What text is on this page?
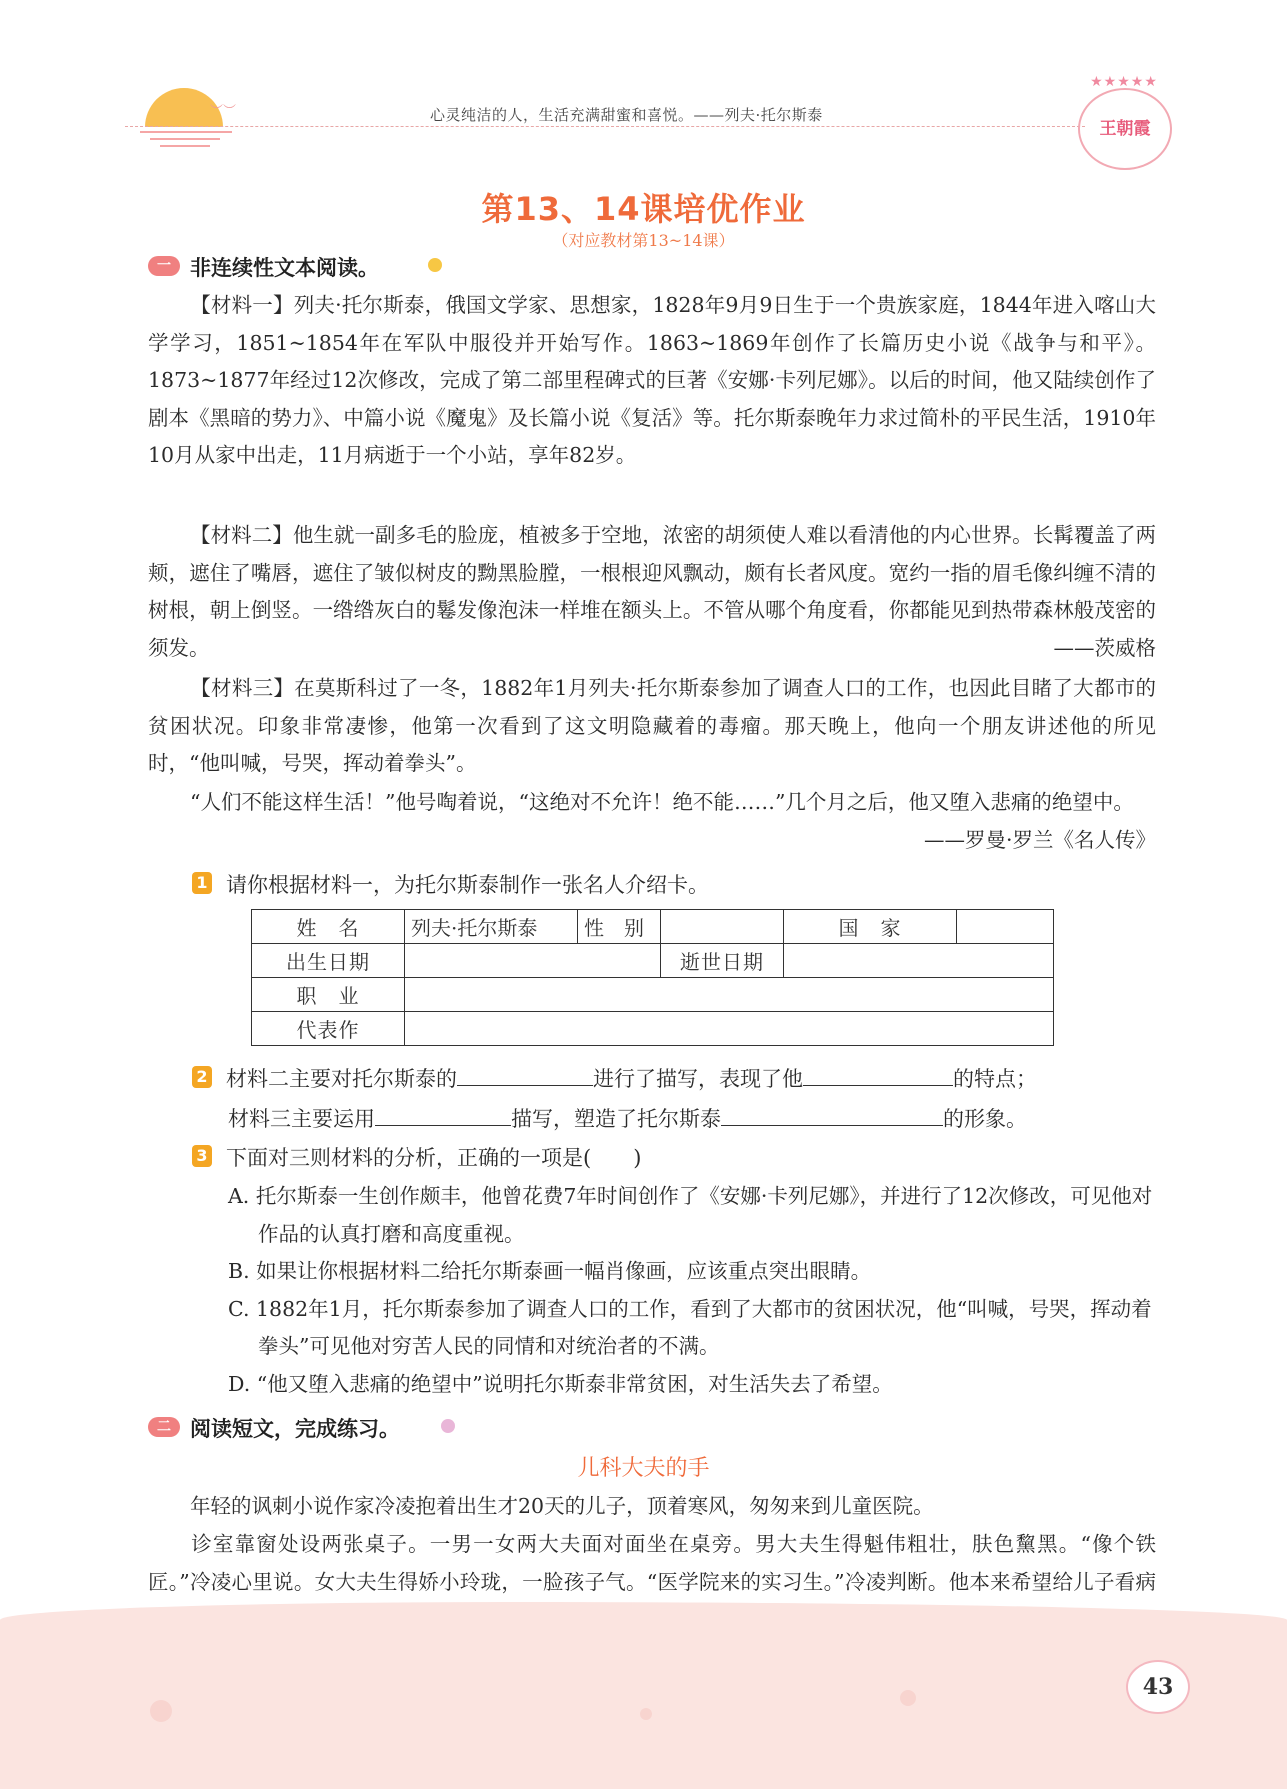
︶︶	心灵纯洁的人，生活充满甜蜜和喜悦。——列夫·托尔斯泰
★★★★★
王朝霞
第13、14课培优作业
（对应教材第13~14课）
一 非连续性文本阅读。
【材料一】列夫·托尔斯泰，俄国文学家、思想家，1828年9月9日生于一个贵族家庭，1844年进入喀山大学学习，1851~1854年在军队中服役并开始写作。1863~1869年创作了长篇历史小说《战争与和平》。1873~1877年经过12次修改，完成了第二部里程碑式的巨著《安娜·卡列尼娜》。以后的时间，他又陆续创作了剧本《黑暗的势力》、中篇小说《魔鬼》及长篇小说《复活》等。托尔斯泰晚年力求过简朴的平民生活，1910年10月从家中出走，11月病逝于一个小站，享年82岁。
【材料二】他生就一副多毛的脸庞，植被多于空地，浓密的胡须使人难以看清他的内心世界。长髯覆盖了两颊，遮住了嘴唇，遮住了皱似树皮的黝黑脸膛，一根根迎风飘动，颇有长者风度。宽约一指的眉毛像纠缠不清的树根，朝上倒竖。一绺绺灰白的鬈发像泡沫一样堆在额头上。不管从哪个角度看，你都能见到热带森林般茂密的须发。	——茨威格
【材料三】在莫斯科过了一冬，1882年1月列夫·托尔斯泰参加了调查人口的工作，也因此目睹了大都市的贫困状况。印象非常凄惨，他第一次看到了这文明隐藏着的毒瘤。那天晚上，他向一个朋友讲述他的所见时，“他叫喊，号哭，挥动着拳头”。
“人们不能这样生活！”他号啕着说，“这绝对不允许！绝不能……”几个月之后，他又堕入悲痛的绝望中。
——罗曼·罗兰《名人传》
1 请你根据材料一，为托尔斯泰制作一张名人介绍卡。
姓　名	列夫·托尔斯泰	性　别		国　家	
出生日期			逝世日期		
职　业					
代表作					
2 材料二主要对托尔斯泰的	进行了描写，表现了他	的特点；
材料三主要运用	描写，塑造了托尔斯泰	的形象。
3 下面对三则材料的分析，正确的一项是(　　)
A. 托尔斯泰一生创作颇丰，他曾花费7年时间创作了《安娜·卡列尼娜》，并进行了12次修改，可见他对作品的认真打磨和高度重视。
B. 如果让你根据材料二给托尔斯泰画一幅肖像画，应该重点突出眼睛。
C. 1882年1月，托尔斯泰参加了调查人口的工作，看到了大都市的贫困状况，他“叫喊，号哭，挥动着拳头”可见他对穷苦人民的同情和对统治者的不满。
D. “他又堕入悲痛的绝望中”说明托尔斯泰非常贫困，对生活失去了希望。
二 阅读短文，完成练习。
儿科大夫的手
年轻的讽刺小说作家冷凌抱着出生才20天的儿子，顶着寒风，匆匆来到儿童医院。
诊室靠窗处设两张桌子。一男一女两大夫面对面坐在桌旁。男大夫生得魁伟粗壮，肤色黧黑。“像个铁匠。”冷凌心里说。女大夫生得娇小玲珑，一脸孩子气。“医学院来的实习生。”冷凌判断。他本来希望给儿子看病
43
